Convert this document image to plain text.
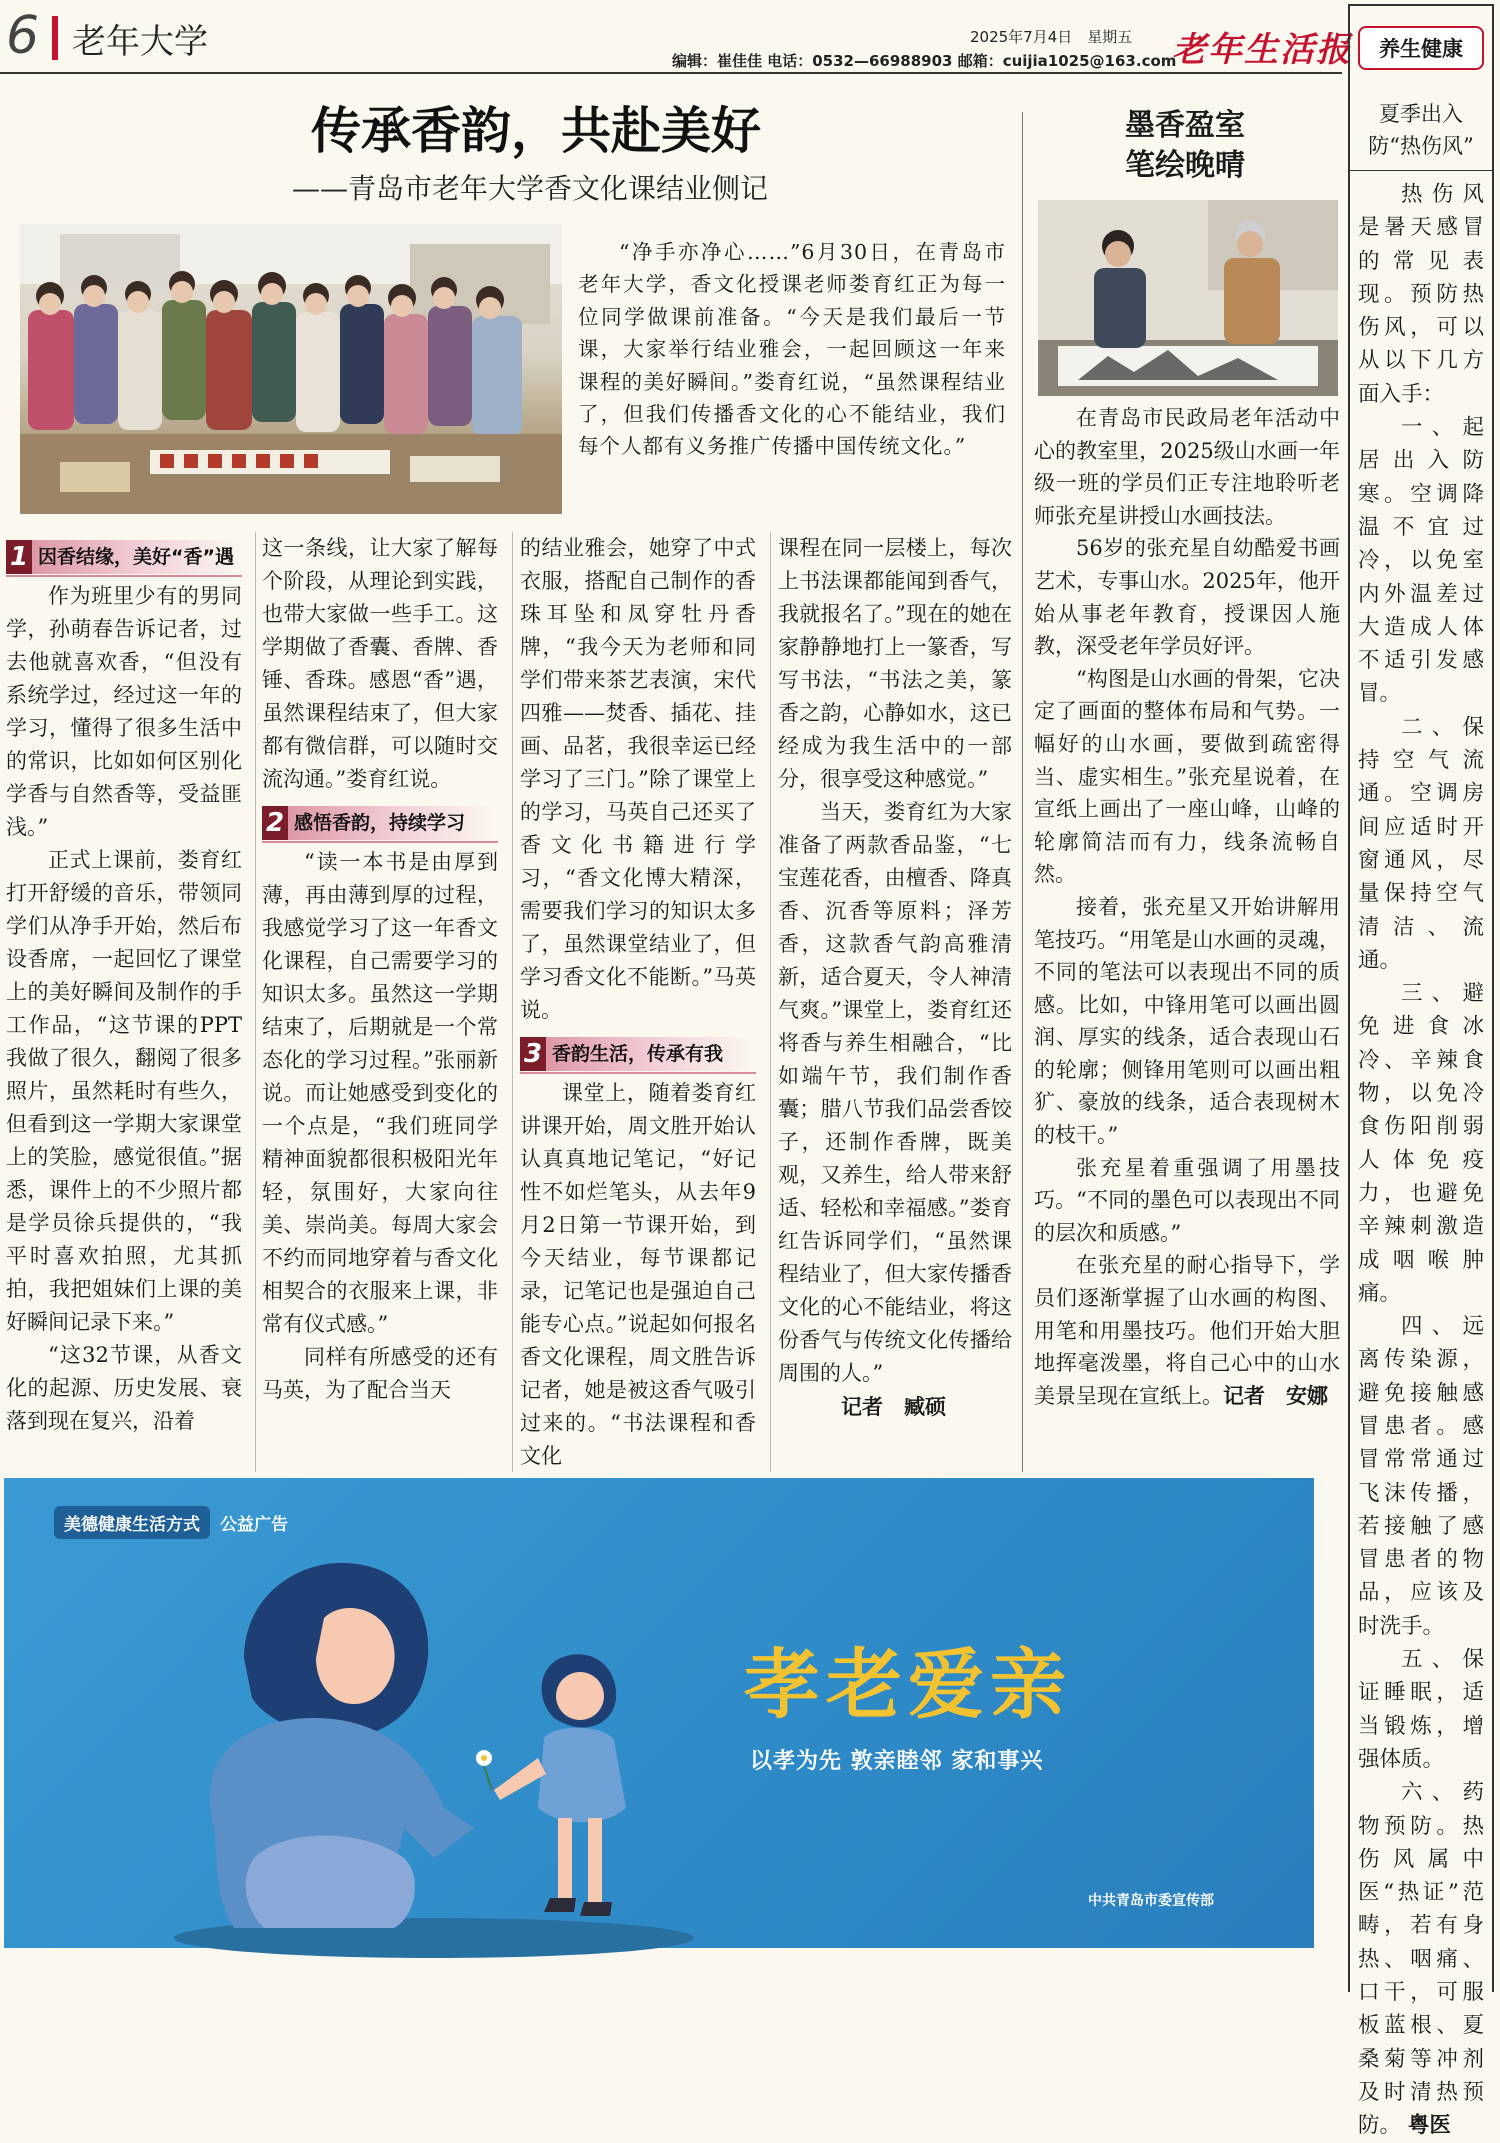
6 老年大学	2025年7月4日　 星期五
编辑：崔佳佳 电话：0532—66988903 邮箱：cuijia1025@163.com
老年生活报 养生健康
夏季出入
防“热伤风”

热伤风是暑天感冒的常见表现。预防热伤风，可以从以下几方面入手：

一、起居出入防寒。空调降温不宜过冷，以免室内外温差过大造成人体不适引发感冒。

二、保持空气流通。空调房间应适时开窗通风，尽量保持空气清洁、流通。

三、避免进食冰冷、辛辣食物，以免冷食伤阳削弱人体免疫力，也避免辛辣刺激造成咽喉肿痛。

四、远离传染源，避免接触感冒患者。感冒常常通过飞沫传播，若接触了感冒患者的物品，应该及时洗手。

五、保证睡眠，适当锻炼，增强体质。

六、药物预防。热伤风属中医“热证”范畴，若有身热、咽痛、口干，可服板蓝根、夏桑菊等冲剂及时清热预防。 粤医

传承香韵，共赴美好
——青岛市老年大学香文化课结业侧记

“净手亦净心……”6月30日，在青岛市老年大学，香文化授课老师娄育红正为每一位同学做课前准备。“今天是我们最后一节课，大家举行结业雅会，一起回顾这一年来课程的美好瞬间。”娄育红说，“虽然课程结业了，但我们传播香文化的心不能结业，我们每个人都有义务推广传播中国传统文化。”

1 因香结缘，美好“香”遇

作为班里少有的男同学，孙萌春告诉记者，过去他就喜欢香，“但没有系统学过，经过这一年的学习，懂得了很多生活中的常识，比如如何区别化学香与自然香等，受益匪浅。”

正式上课前，娄育红打开舒缓的音乐，带领同学们从净手开始，然后布设香席，一起回忆了课堂上的美好瞬间及制作的手工作品，“这节课的PPT我做了很久，翻阅了很多照片，虽然耗时有些久，但看到这一学期大家课堂上的笑脸，感觉很值。”据悉，课件上的不少照片都是学员徐兵提供的，“我平时喜欢拍照，尤其抓拍，我把姐妹们上课的美好瞬间记录下来。”

“这32节课，从香文化的起源、历史发展、衰落到现在复兴，沿着

这一条线，让大家了解每个阶段，从理论到实践，也带大家做一些手工。这学期做了香囊、香牌、香锤、香珠。感恩“香”遇，虽然课程结束了，但大家都有微信群，可以随时交流沟通。”娄育红说。

2 感悟香韵，持续学习

“读一本书是由厚到薄，再由薄到厚的过程，我感觉学习了这一年香文化课程，自己需要学习的知识太多。虽然这一学期结束了，后期就是一个常态化的学习过程。”张丽新说。而让她感受到变化的一个点是，“我们班同学精神面貌都很积极阳光年轻，氛围好，大家向往美、崇尚美。每周大家会不约而同地穿着与香文化相契合的衣服来上课，非常有仪式感。”

同样有所感受的还有马英，为了配合当天

的结业雅会，她穿了中式衣服，搭配自己制作的香珠耳坠和凤穿牡丹香牌，“我今天为老师和同学们带来茶艺表演，宋代四雅——焚香、插花、挂画、品茗，我很幸运已经学习了三门。”除了课堂上的学习，马英自己还买了香文化书籍进行学习，“香文化博大精深，需要我们学习的知识太多了，虽然课堂结业了，但学习香文化不能断。”马英说。

3 香韵生活，传承有我

课堂上，随着娄育红讲课开始，周文胜开始认认真真地记笔记，“好记性不如烂笔头，从去年9月2日第一节课开始，到今天结业，每节课都记录，记笔记也是强迫自己能专心点。”说起如何报名香文化课程，周文胜告诉记者，她是被这香气吸引过来的。“书法课程和香文化

课程在同一层楼上，每次上书法课都能闻到香气，我就报名了。”现在的她在家静静地打上一篆香，写写书法，“书法之美，篆香之韵，心静如水，这已经成为我生活中的一部分，很享受这种感觉。”

当天，娄育红为大家准备了两款香品鉴，“七宝莲花香，由檀香、降真香、沉香等原料；泽芳香，这款香气韵高雅清新，适合夏天，令人神清气爽。”课堂上，娄育红还将香与养生相融合，“比如端午节，我们制作香囊；腊八节我们品尝香饺子，还制作香牌，既美观，又养生，给人带来舒适、轻松和幸福感。”娄育红告诉同学们，“虽然课程结业了，但大家传播香文化的心不能结业，将这份香气与传统文化传播给周围的人。”

记者　臧硕

墨香盈室
笔绘晚晴

在青岛市民政局老年活动中心的教室里，2025级山水画一年级一班的学员们正专注地聆听老师张充星讲授山水画技法。

56岁的张充星自幼酷爱书画艺术，专事山水。2025年，他开始从事老年教育，授课因人施教，深受老年学员好评。

“构图是山水画的骨架，它决定了画面的整体布局和气势。一幅好的山水画，要做到疏密得当、虚实相生。”张充星说着，在宣纸上画出了一座山峰，山峰的轮廓简洁而有力，线条流畅自然。

接着，张充星又开始讲解用笔技巧。“用笔是山水画的灵魂，不同的笔法可以表现出不同的质感。比如，中锋用笔可以画出圆润、厚实的线条，适合表现山石的轮廓；侧锋用笔则可以画出粗犷、豪放的线条，适合表现树木的枝干。”

张充星着重强调了用墨技巧。“不同的墨色可以表现出不同的层次和质感。”

在张充星的耐心指导下，学员们逐渐掌握了山水画的构图、用笔和用墨技巧。他们开始大胆地挥毫泼墨，将自己心中的山水美景呈现在宣纸上。记者　安娜

美德健康生活方式	公益广告
孝老爱亲
以孝为先 敦亲睦邻 家和事兴
中共青岛市委宣传部
